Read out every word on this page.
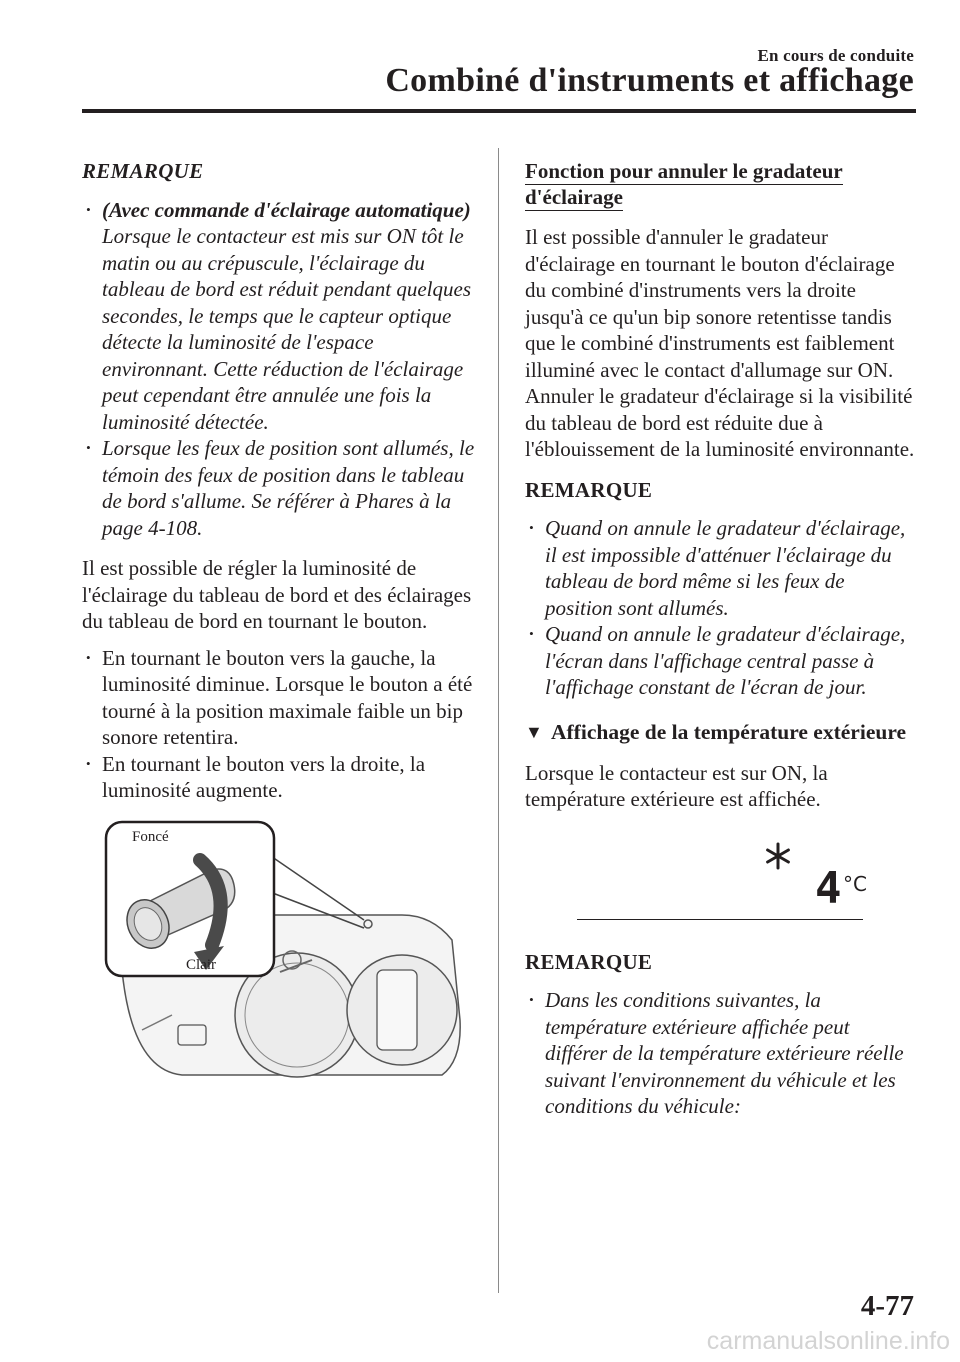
En cours de conduite
Combiné d'instruments et affichage
REMARQUE
• (Avec commande d'éclairage automatique)
Lorsque le contacteur est mis sur ON tôt le matin ou au crépuscule, l'éclairage du tableau de bord est réduit pendant quelques secondes, le temps que le capteur optique détecte la luminosité de l'espace environnant. Cette réduction de l'éclairage peut cependant être annulée une fois la luminosité détectée.
• Lorsque les feux de position sont allumés, le témoin des feux de position dans le tableau de bord s'allume. Se référer à Phares à la page 4-108.

Il est possible de régler la luminosité de l'éclairage du tableau de bord et des éclairages du tableau de bord en tournant le bouton.

• En tournant le bouton vers la gauche, la luminosité diminue. Lorsque le bouton a été tourné à la position maximale faible un bip sonore retentira.
• En tournant le bouton vers la droite, la luminosité augmente.
Foncé
Clair
Fonction pour annuler le gradateur d'éclairage

Il est possible d'annuler le gradateur d'éclairage en tournant le bouton d'éclairage du combiné d'instruments vers la droite jusqu'à ce qu'un bip sonore retentisse tandis que le combiné d'instruments est faiblement illuminé avec le contact d'allumage sur ON. Annuler le gradateur d'éclairage si la visibilité du tableau de bord est réduite due à l'éblouissement de la luminosité environnante.

REMARQUE
• Quand on annule le gradateur d'éclairage, il est impossible d'atténuer l'éclairage du tableau de bord même si les feux de position sont allumés.
• Quand on annule le gradateur d'éclairage, l'écran dans l'affichage central passe à l'affichage constant de l'écran de jour.
▼ Affichage de la température extérieure

Lorsque le contacteur est sur ON, la température extérieure est affichée.

4 °C
REMARQUE
• Dans les conditions suivantes, la température extérieure affichée peut différer de la température extérieure réelle suivant l'environnement du véhicule et les conditions du véhicule:
4-77
carmanualsonline.info
